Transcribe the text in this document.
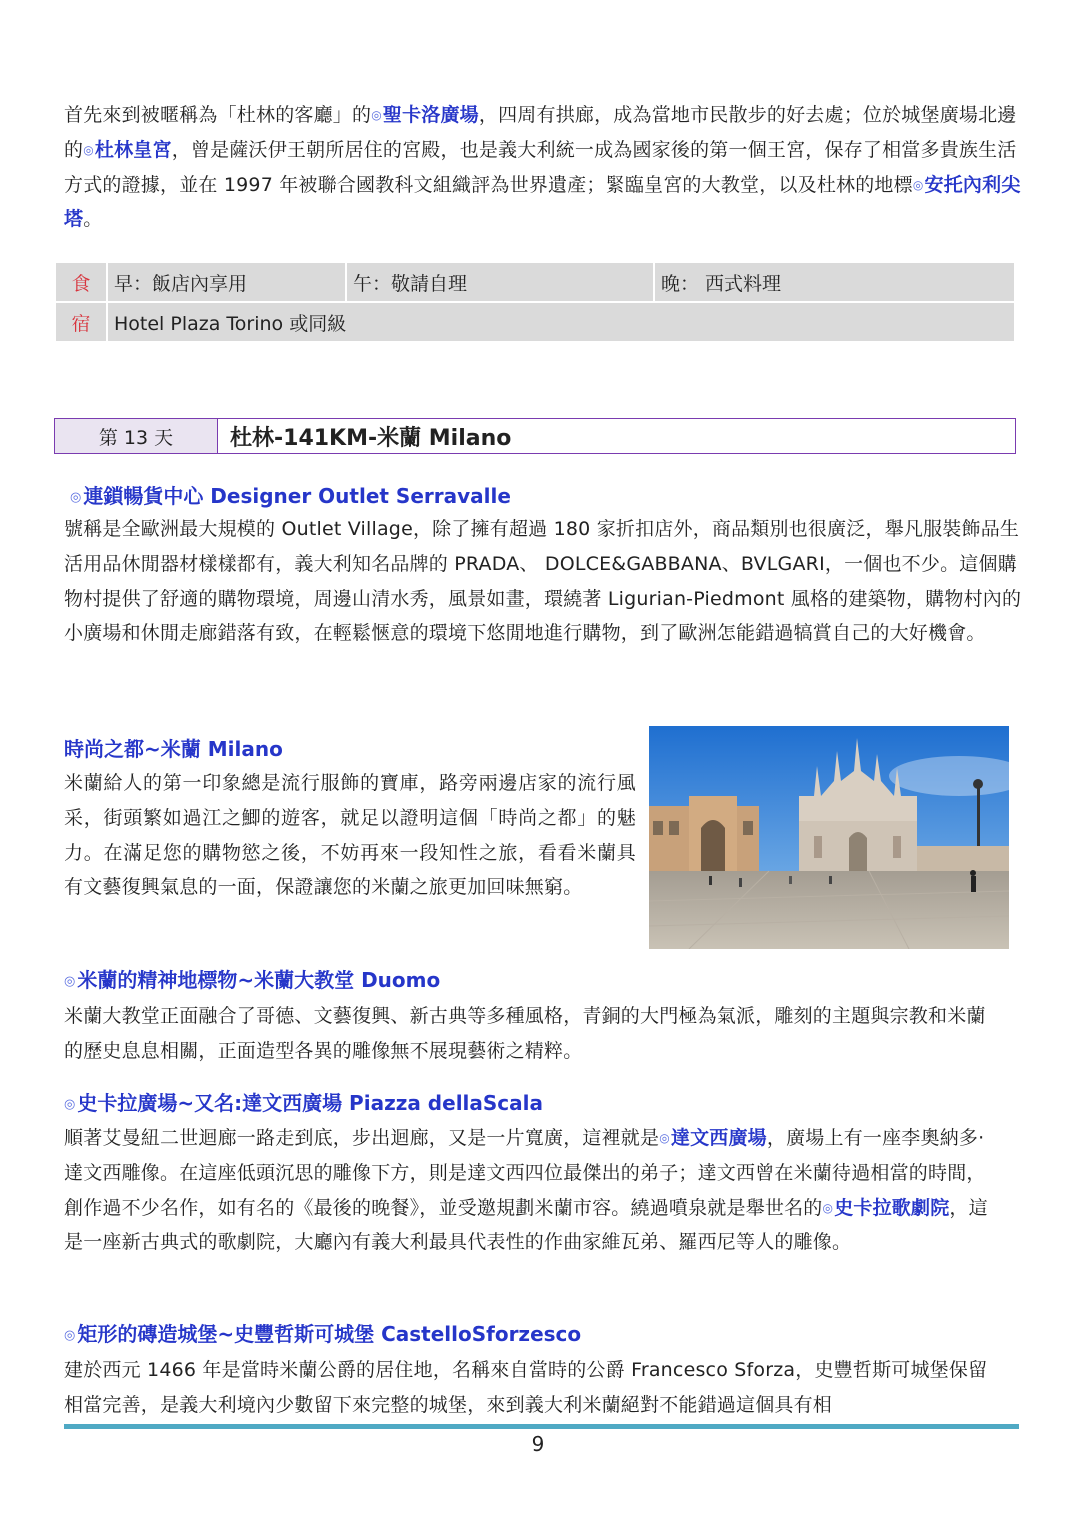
首先來到被暱稱為「杜林的客廳」的◎聖卡洛廣場，四周有拱廊，成為當地市民散步的好去處；位於城堡廣場北邊的◎杜林皇宮，曾是薩沃伊王朝所居住的宮殿，也是義大利統一成為國家後的第一個王宮，保存了相當多貴族生活方式的證據，並在 1997 年被聯合國教科文組織評為世界遺產；緊臨皇宮的大教堂，以及杜林的地標◎安托內利尖塔。

食	早：飯店內享用	午：敬請自理	晚： 西式料理
宿	Hotel Plaza Torino 或同級		
第 13 天	杜林-141KM-米蘭 Milano
◎ 連鎖暢貨中心 Designer Outlet Serravalle

號稱是全歐洲最大規模的 Outlet Village，除了擁有超過 180 家折扣店外，商品類別也很廣泛，舉凡服裝飾品生活用品休閒器材樣樣都有，義大利知名品牌的 PRADA、 DOLCE&GABBANA、BVLGARI，一個也不少。這個購物村提供了舒適的購物環境，周邊山清水秀，風景如畫，環繞著 Ligurian-Piedmont 風格的建築物，購物村內的小廣場和休閒走廊錯落有致，在輕鬆愜意的環境下悠閒地進行購物，到了歐洲怎能錯過犒賞自己的大好機會。

時尚之都~米蘭 Milano

米蘭給人的第一印象總是流行服飾的寶庫，路旁兩邊店家的流行風采，街頭繁如過江之鯽的遊客，就足以證明這個「時尚之都」的魅力。在滿足您的購物慾之後，不妨再來一段知性之旅，看看米蘭具有文藝復興氣息的一面，保證讓您的米蘭之旅更加回味無窮。

◎ 米蘭的精神地標物~米蘭大教堂 Duomo

米蘭大教堂正面融合了哥德、文藝復興、新古典等多種風格，青銅的大門極為氣派，雕刻的主題與宗教和米蘭的歷史息息相關，正面造型各異的雕像無不展現藝術之精粹。

◎ 史卡拉廣場~又名:達文西廣場 Piazza dellaScala

順著艾曼紐二世迴廊一路走到底，步出迴廊，又是一片寬廣，這裡就是◎達文西廣場，廣場上有一座李奧納多·達文西雕像。在這座低頭沉思的雕像下方，則是達文西四位最傑出的弟子；達文西曾在米蘭待過相當的時間，創作過不少名作，如有名的《最後的晚餐》，並受邀規劃米蘭市容。繞過噴泉就是舉世名的◎史卡拉歌劇院，這是一座新古典式的歌劇院，大廳內有義大利最具代表性的作曲家維瓦弟、羅西尼等人的雕像。

◎ 矩形的磚造城堡~史豐哲斯可城堡 CastelloSforzesco

建於西元 1466 年是當時米蘭公爵的居住地，名稱來自當時的公爵 Francesco Sforza，史豐哲斯可城堡保留相當完善，是義大利境內少數留下來完整的城堡，來到義大利米蘭絕對不能錯過這個具有相

9
